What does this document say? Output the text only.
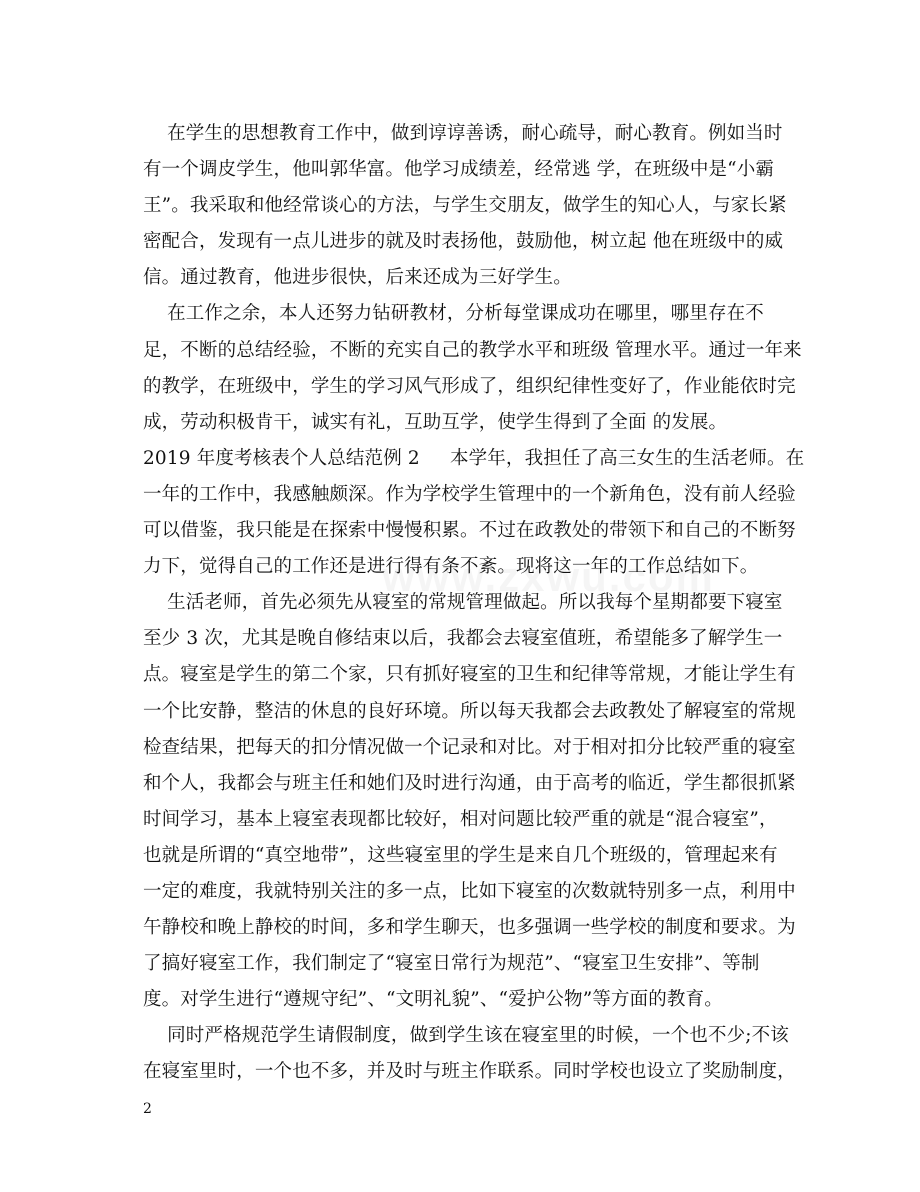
在学生的思想教育工作中，做到谆谆善诱，耐心疏导，耐心教育。例如当时
有一个调皮学生，他叫郭华富。他学习成绩差，经常逃 学，在班级中是“小霸
王”。我采取和他经常谈心的方法，与学生交朋友，做学生的知心人，与家长紧
密配合，发现有一点儿进步的就及时表扬他，鼓励他，树立起 他在班级中的威
信。通过教育，他进步很快，后来还成为三好学生。
在工作之余，本人还努力钻研教材，分析每堂课成功在哪里，哪里存在不
足，不断的总结经验，不断的充实自己的教学水平和班级 管理水平。通过一年来
的教学，在班级中，学生的学习风气形成了，组织纪律性变好了，作业能依时完
成，劳动积极肯干，诚实有礼，互助互学，使学生得到了全面 的发展。
2019 年度考核表个人总结范例 2     本学年，我担任了高三女生的生活老师。在
一年的工作中，我感触颇深。作为学校学生管理中的一个新角色，没有前人经验
可以借鉴，我只能是在探索中慢慢积累。不过在政教处的带领下和自己的不断努
力下，觉得自己的工作还是进行得有条不紊。现将这一年的工作总结如下。
生活老师，首先必须先从寝室的常规管理做起。所以我每个星期都要下寝室
至少 3 次，尤其是晚自修结束以后，我都会去寝室值班，希望能多了解学生一
点。寝室是学生的第二个家，只有抓好寝室的卫生和纪律等常规，才能让学生有
一个比安静，整洁的休息的良好环境。所以每天我都会去政教处了解寝室的常规
检查结果，把每天的扣分情况做一个记录和对比。对于相对扣分比较严重的寝室
和个人，我都会与班主任和她们及时进行沟通，由于高考的临近，学生都很抓紧
时间学习，基本上寝室表现都比较好，相对问题比较严重的就是“混合寝室”，
也就是所谓的“真空地带”，这些寝室里的学生是来自几个班级的，管理起来有
一定的难度，我就特别关注的多一点，比如下寝室的次数就特别多一点，利用中
午静校和晚上静校的时间，多和学生聊天，也多强调一些学校的制度和要求。为
了搞好寝室工作，我们制定了“寝室日常行为规范”、“寝室卫生安排”、等制
度。对学生进行“遵规守纪”、“文明礼貌”、“爱护公物”等方面的教育。
同时严格规范学生请假制度，做到学生该在寝室里的时候，一个也不少;不该
在寝室里时，一个也不多，并及时与班主作联系。同时学校也设立了奖励制度，
2
